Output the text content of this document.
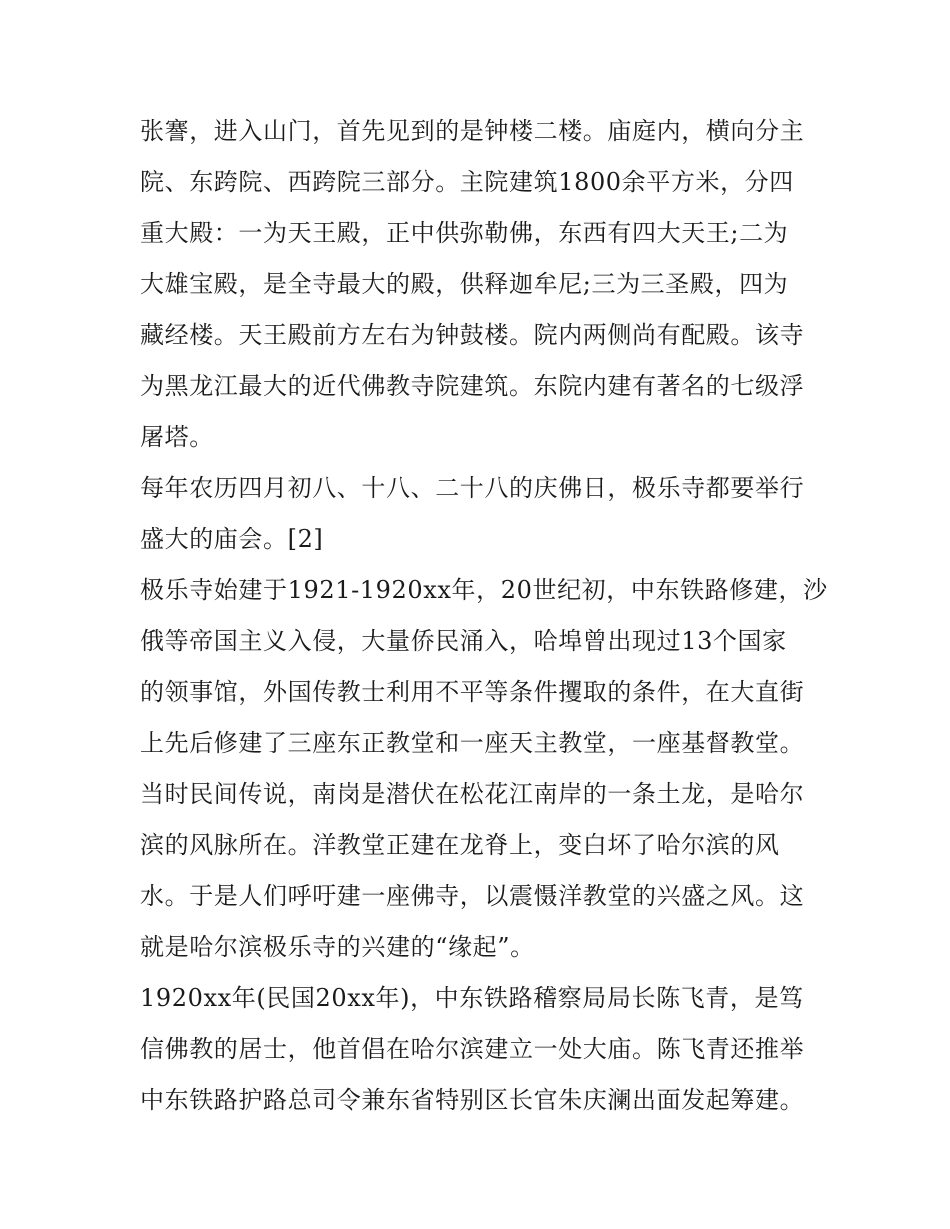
张謇，进入山门，首先见到的是钟楼二楼。庙庭内，横向分主
院、东跨院、西跨院三部分。主院建筑1800余平方米，分四
重大殿：一为天王殿，正中供弥勒佛，东西有四大天王;二为
大雄宝殿，是全寺最大的殿，供释迦牟尼;三为三圣殿，四为
藏经楼。天王殿前方左右为钟鼓楼。院内两侧尚有配殿。该寺
为黑龙江最大的近代佛教寺院建筑。东院内建有著名的七级浮
屠塔。
每年农历四月初八、十八、二十八的庆佛日，极乐寺都要举行
盛大的庙会。[2]
极乐寺始建于1921-1920xx年，20世纪初，中东铁路修建，沙
俄等帝国主义入侵，大量侨民涌入，哈埠曾出现过13个国家
的领事馆，外国传教士利用不平等条件攫取的条件，在大直街
上先后修建了三座东正教堂和一座天主教堂，一座基督教堂。
当时民间传说，南岗是潜伏在松花江南岸的一条土龙，是哈尔
滨的风脉所在。洋教堂正建在龙脊上，变白坏了哈尔滨的风
水。于是人们呼吁建一座佛寺，以震慑洋教堂的兴盛之风。这
就是哈尔滨极乐寺的兴建的“缘起”。
1920xx年(民国20xx年)，中东铁路稽察局局长陈飞青，是笃
信佛教的居士，他首倡在哈尔滨建立一处大庙。陈飞青还推举
中东铁路护路总司令兼东省特别区长官朱庆澜出面发起筹建。
